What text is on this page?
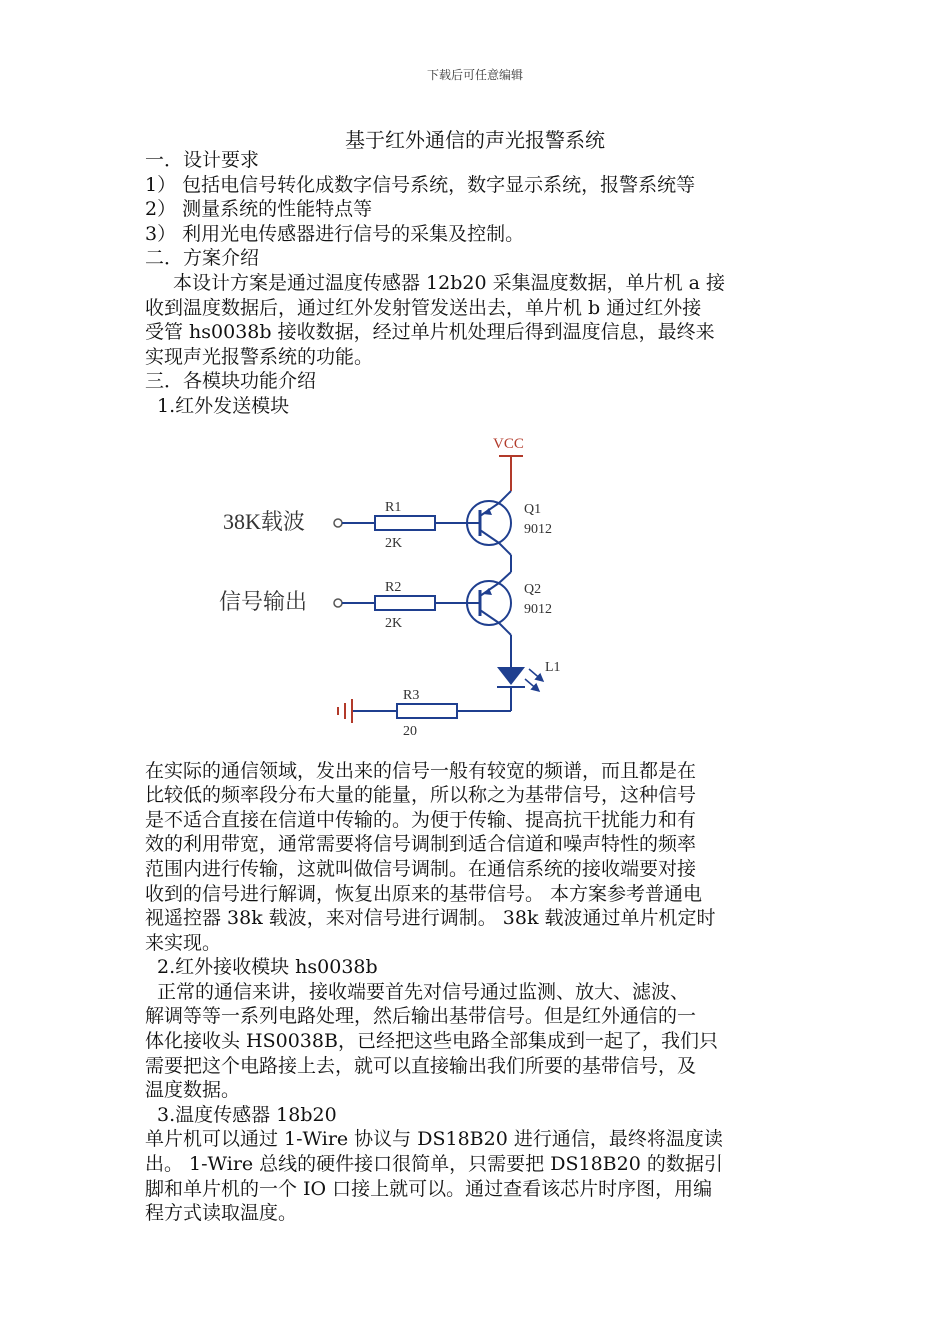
下载后可任意编辑
基于红外通信的声光报警系统

一．设计要求

1） 包括电信号转化成数字信号系统，数字显示系统，报警系统等

2） 测量系统的性能特点等

3） 利用光电传感器进行信号的采集及控制。

二．方案介绍

本设计方案是通过温度传感器 12b20 采集温度数据，单片机 a 接

收到温度数据后，通过红外发射管发送出去，单片机 b 通过红外接

受管 hs0038b 接收数据，经过单片机处理后得到温度信息，最终来

实现声光报警系统的功能。

三．各模块功能介绍

1.红外发送模块

VCC
38K载波
R1
2K
Q1
9012
信号输出
R2
2K
Q2
9012
L1
R3
20

在实际的通信领域，发出来的信号一般有较宽的频谱，而且都是在

比较低的频率段分布大量的能量，所以称之为基带信号，这种信号

是不适合直接在信道中传输的。为便于传输、提高抗干扰能力和有

效的利用带宽，通常需要将信号调制到适合信道和噪声特性的频率

范围内进行传输，这就叫做信号调制。在通信系统的接收端要对接

收到的信号进行解调，恢复出原来的基带信号。 本方案参考普通电

视遥控器 38k 载波，来对信号进行调制。 38k 载波通过单片机定时

来实现。

2.红外接收模块 hs0038b

正常的通信来讲，接收端要首先对信号通过监测、放大、滤波、

解调等等一系列电路处理，然后输出基带信号。但是红外通信的一

体化接收头 HS0038B，已经把这些电路全部集成到一起了，我们只

需要把这个电路接上去，就可以直接输出我们所要的基带信号，及

温度数据。

3.温度传感器 18b20

单片机可以通过 1-Wire 协议与 DS18B20 进行通信，最终将温度读

出。 1-Wire 总线的硬件接口很简单，只需要把 DS18B20 的数据引

脚和单片机的一个 IO 口接上就可以。通过查看该芯片时序图，用编

程方式读取温度。
